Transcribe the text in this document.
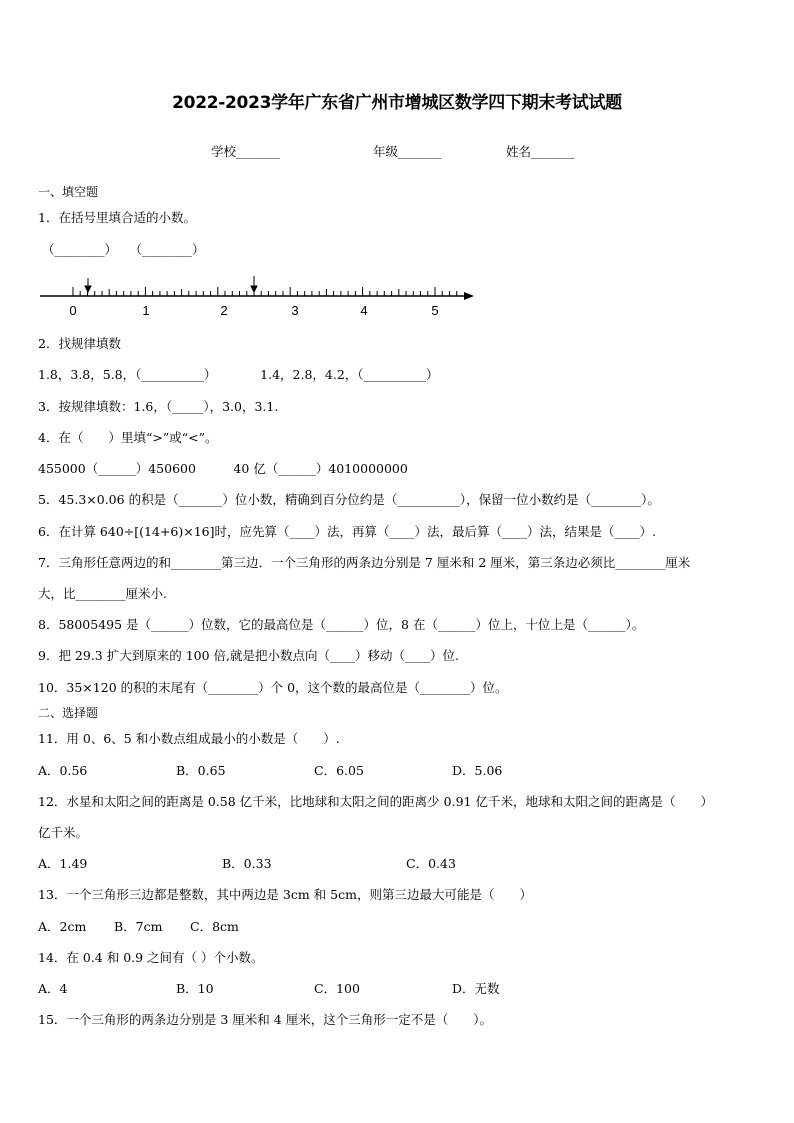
2022-2023学年广东省广州市增城区数学四下期末考试试题
学校_______	年级_______	姓名_______
一、填空题
1．在括号里填合适的小数。
（________）　　（________）
0	1	2	3	4	5
2．找规律填数
1.8，3.8，5.8，（__________）　　　　1.4，2.8，4.2，（__________）
3．按规律填数：1.6，（_____），3.0，3.1.
4．在（　　）里填“>”或“<”。
455000（______）450600　　　40 亿（______）4010000000
5．45.3×0.06 的积是（_______）位小数，精确到百分位约是（__________），保留一位小数约是（________）。
6．在计算 640÷[(14+6)×16]时，应先算（____）法，再算（____）法，最后算（____）法，结果是（____）.
7．三角形任意两边的和________第三边．一个三角形的两条边分别是 7 厘米和 2 厘米，第三条边必须比________厘米
大，比________厘米小.
8．58005495 是（______）位数，它的最高位是（______）位，8 在（______）位上，十位上是（______）。
9．把 29.3 扩大到原来的 100 倍,就是把小数点向（____）移动（____）位.
10．35×120 的积的末尾有（________）个 0，这个数的最高位是（________）位。
二、选择题
11．用 0、6、5 和小数点组成最小的小数是（　　）.
A．0.56	B．0.65	C．6.05	D．5.06
12．水星和太阳之间的距离是 0.58 亿千米，比地球和太阳之间的距离少 0.91 亿千米，地球和太阳之间的距离是（　　）
亿千米。
A．1.49	B．0.33	C．0.43
13．一个三角形三边都是整数，其中两边是 3cm 和 5cm，则第三边最大可能是（　　）
A．2cm B．7cm C．8cm
14．在 0.4 和 0.9 之间有（ ）个小数。
A．4	B．10	C．100	D．无数
15．一个三角形的两条边分别是 3 厘米和 4 厘米，这个三角形一定不是（　　）。
